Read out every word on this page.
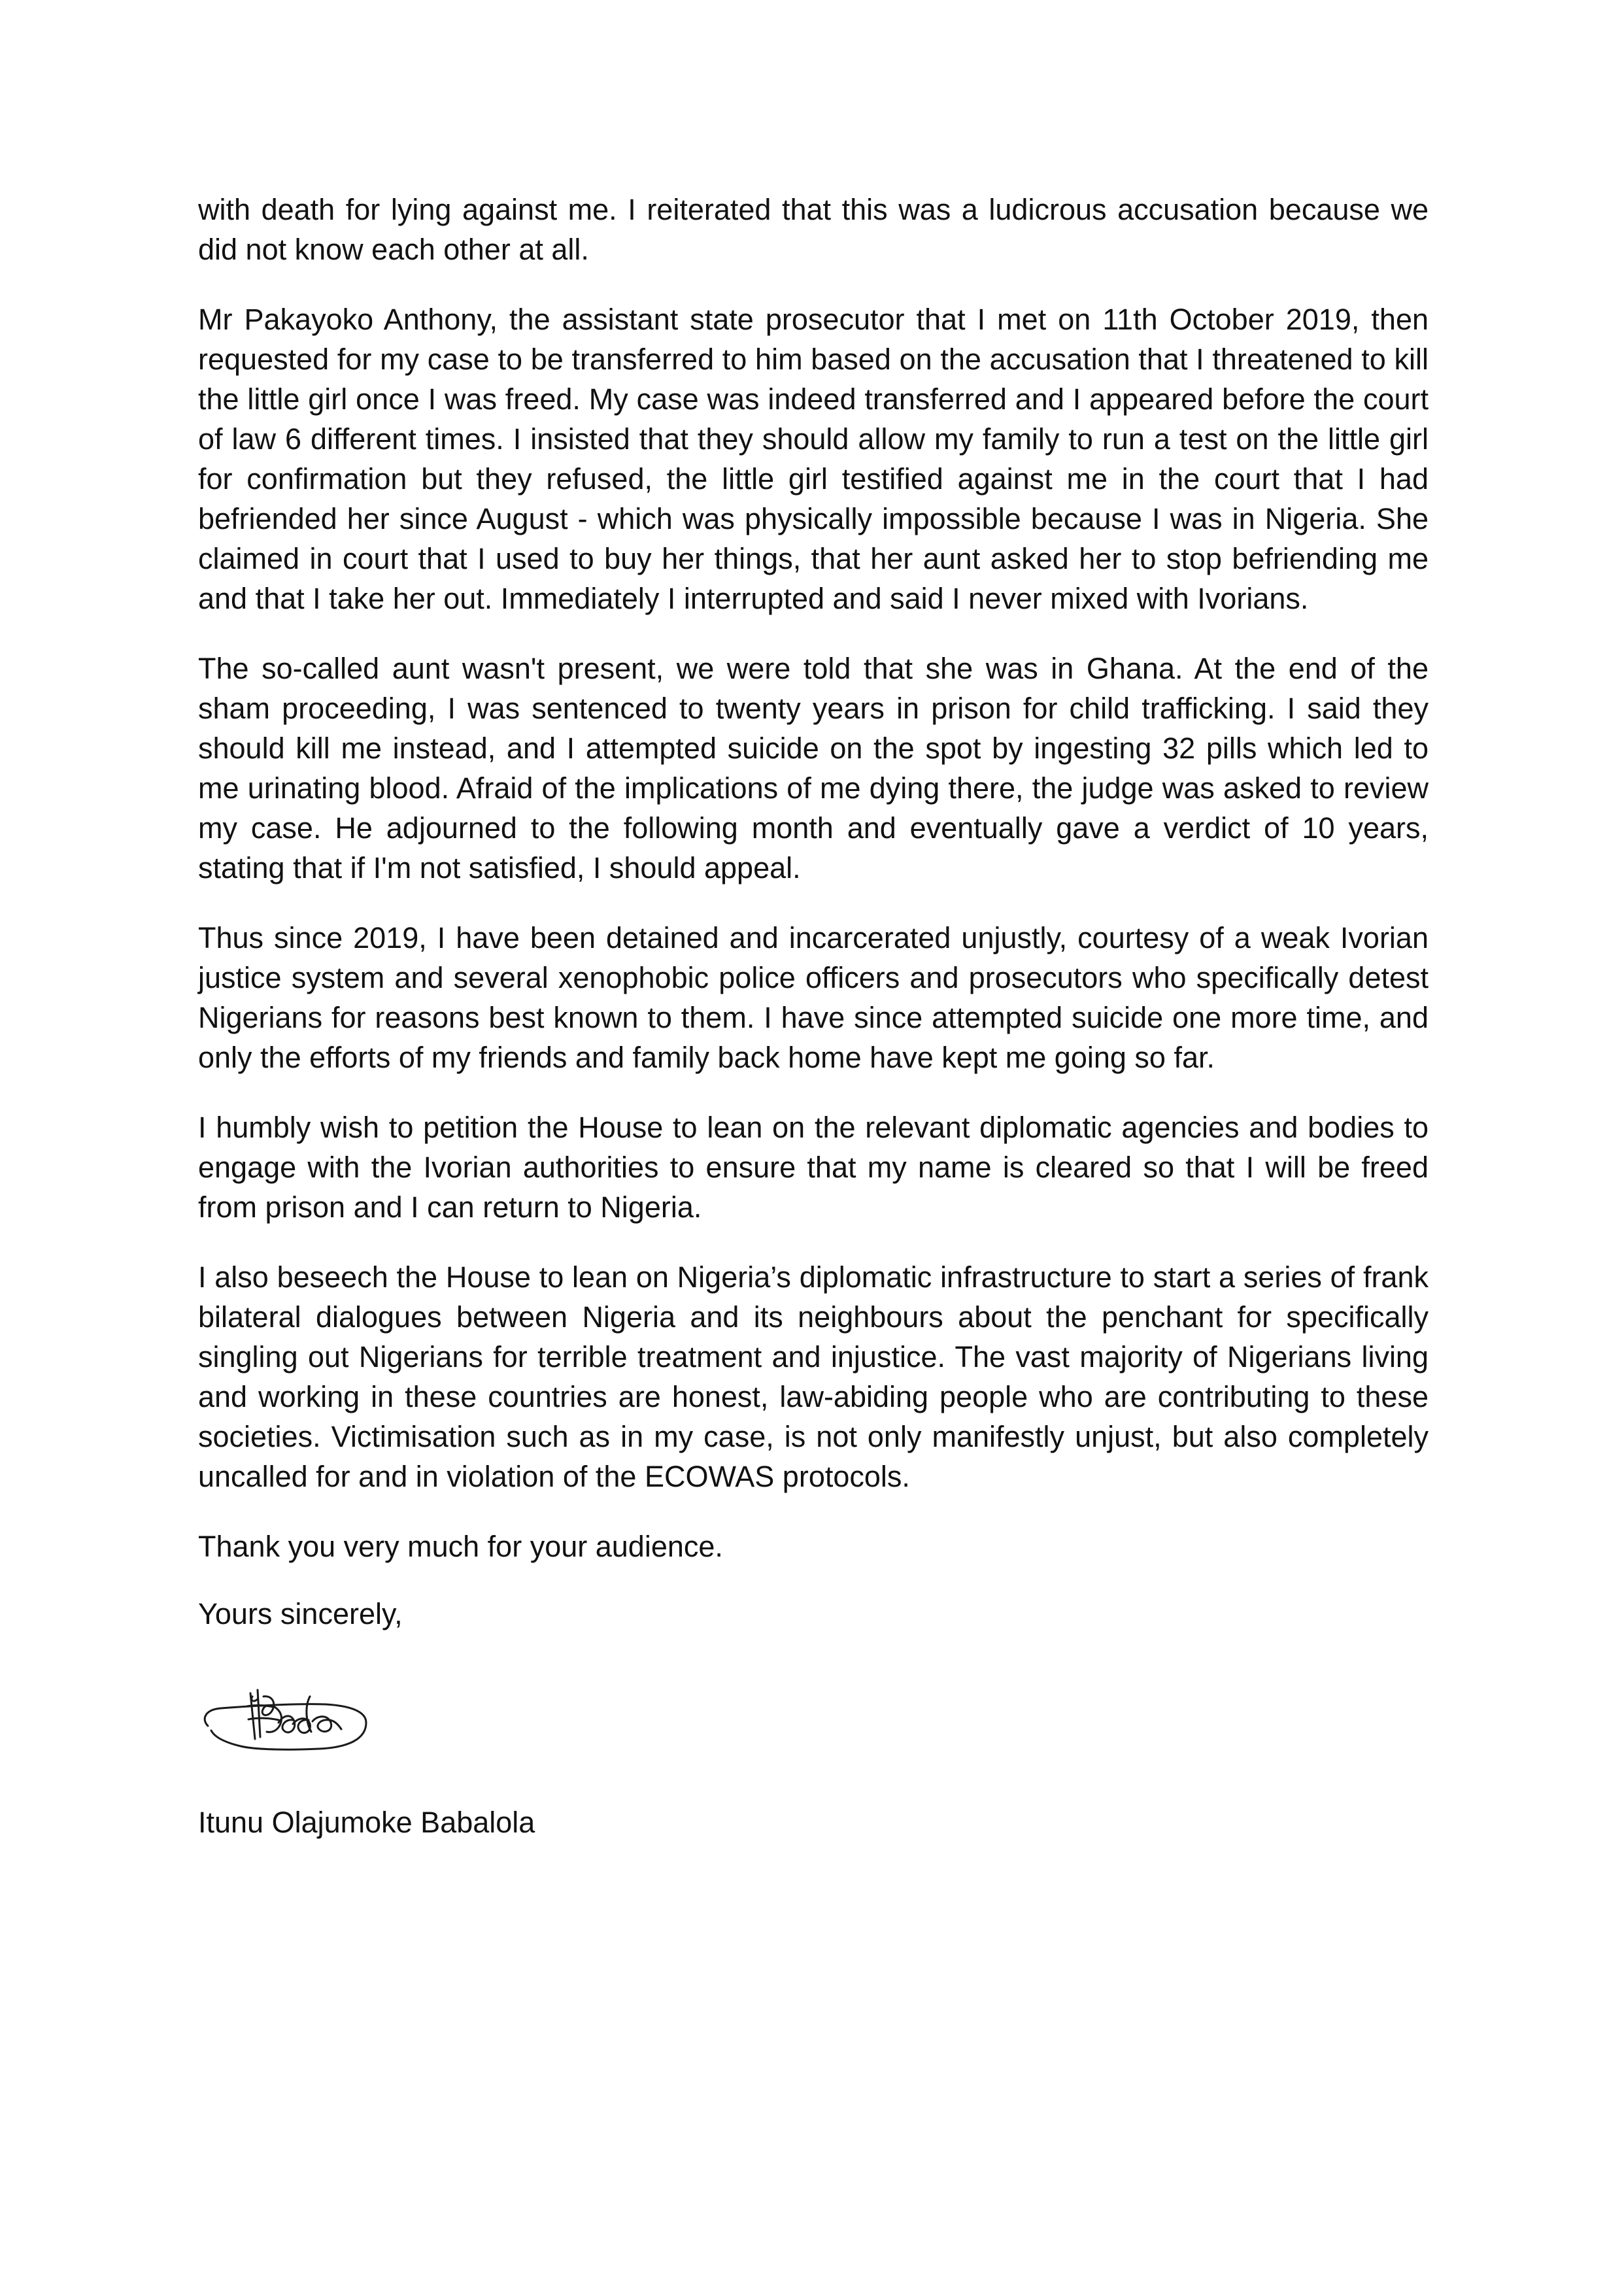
with death for lying against me. I reiterated that this was a ludicrous accusation because we did not know each other at all.

Mr Pakayoko Anthony, the assistant state prosecutor that I met on 11th October 2019, then requested for my case to be transferred to him based on the accusation that I threatened to kill the little girl once I was freed. My case was indeed transferred and I appeared before the court of law 6 different times. I insisted that they should allow my family to run a test on the little girl for confirmation but they refused, the little girl testified against me in the court that I had befriended her since August - which was physically impossible because I was in Nigeria. She claimed in court that I used to buy her things, that her aunt asked her to stop befriending me and that I take her out. Immediately I interrupted and said I never mixed with Ivorians.

The so-called aunt wasn't present, we were told that she was in Ghana. At the end of the sham proceeding, I was sentenced to twenty years in prison for child trafficking. I said they should kill me instead, and I attempted suicide on the spot by ingesting 32 pills which led to me urinating blood. Afraid of the implications of me dying there, the judge was asked to review my case. He adjourned to the following month and eventually gave a verdict of 10 years, stating that if I'm not satisfied, I should appeal.

Thus since 2019, I have been detained and incarcerated unjustly, courtesy of a weak Ivorian justice system and several xenophobic police officers and prosecutors who specifically detest Nigerians for reasons best known to them. I have since attempted suicide one more time, and only the efforts of my friends and family back home have kept me going so far.

I humbly wish to petition the House to lean on the relevant diplomatic agencies and bodies to engage with the Ivorian authorities to ensure that my name is cleared so that I will be freed from prison and I can return to Nigeria.

I also beseech the House to lean on Nigeria’s diplomatic infrastructure to start a series of frank bilateral dialogues between Nigeria and its neighbours about the penchant for specifically singling out Nigerians for terrible treatment and injustice. The vast majority of Nigerians living and working in these countries are honest, law-abiding people who are contributing to these societies. Victimisation such as in my case, is not only manifestly unjust, but also completely uncalled for and in violation of the ECOWAS protocols.

Thank you very much for your audience.

Yours sincerely,

Itunu Olajumoke Babalola
